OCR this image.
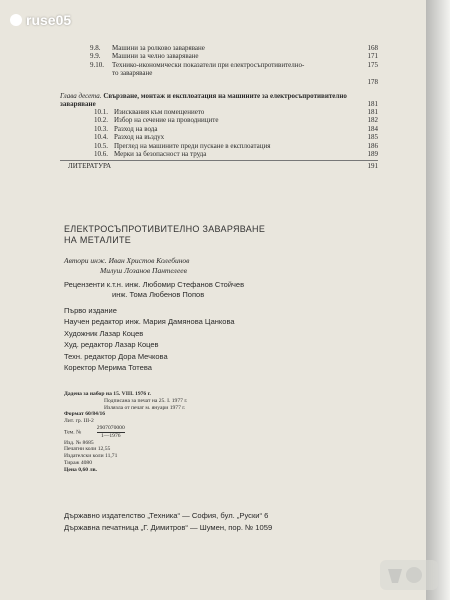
9.8. Машини за ролково заваряване	168
9.9. Машини за челно заваряване	171
9.10. Технико-икономически показатели при електросъпротивително-	175
то заваряване
178
Глава десета. Свързване, монтаж и експлоатация на машините за електросъпротивително заваряване	181
10.1. Изисквания към помещението	181
10.2. Избор на сечение на проводниците	182
10.3. Разход на вода	184
10.4. Разход на въздух	185
10.5. Преглед на машините преди пускане в експлоатация	186
10.6. Мерки за безопасност на труда	189
ЛИТЕРАТУРА	191
ЕЛЕКТРОСЪПРОТИВИТЕЛНО ЗАВАРЯВАНЕ
НА МЕТАЛИТЕ
Автори инж. Иван Христов Колебинов
Милуш Лозанов Пантелеев
Рецензенти к.т.н. инж. Любомир Стефанов Стойчев
инж. Тома Любенов Попов
Първо издание
Научен редактор инж. Мария Дамянова Цанкова
Художник Лазар Коцев
Худ. редактор Лазар Коцев
Техн. редактор Дора Мечкова
Коректор Мерима Тотева
Дадена за набор на 15. VIII. 1976 г.
Подписана за печат на 25. I. 1977 г.
Излязла от печат м. януари 1977 г.
Формат 60/84/16
Лит. гр. III-2
Тем. №	$\frac{2907070000}{1—1976}$
Изд. № 8685
Печатни коли 12,55
Издателски коли 11,71
Тираж 4080
Цена 0,60 лв.
Държавно издателство „Техника“ — София, бул. „Руски“ 6
Държавна печатница „Г. Димитров“ — Шумен, пор. № 1059
ruse05
